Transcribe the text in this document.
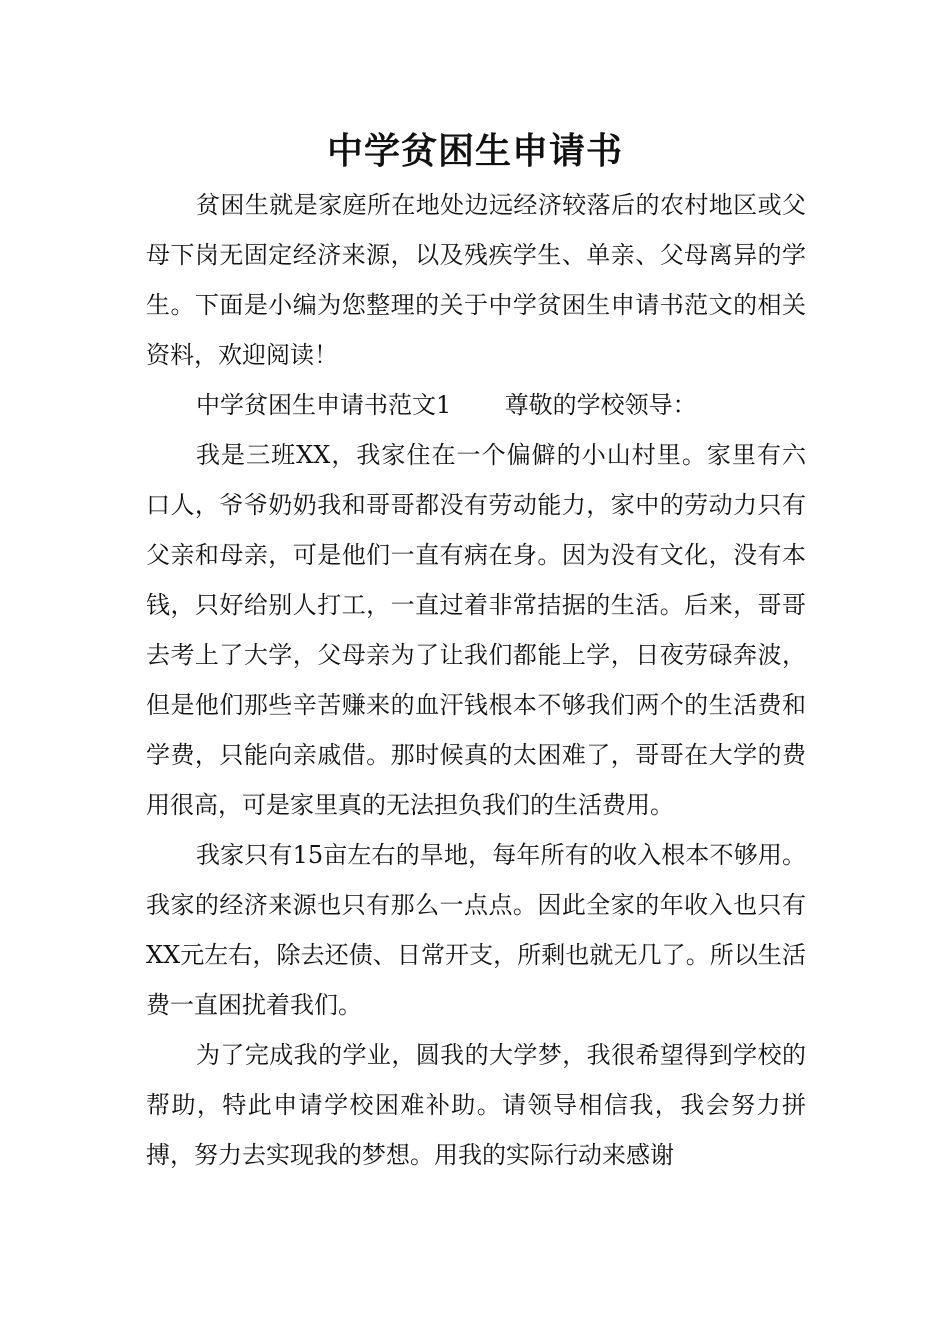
中学贫困生申请书

贫困生就是家庭所在地处边远经济较落后的农村地区或父母下岗无固定经济来源，以及残疾学生、单亲、父母离异的学生。下面是小编为您整理的关于中学贫困生申请书范文的相关资料，欢迎阅读！

中学贫困生申请书范文1 尊敬的学校领导：

我是三班XX，我家住在一个偏僻的小山村里。家里有六口人，爷爷奶奶我和哥哥都没有劳动能力，家中的劳动力只有父亲和母亲，可是他们一直有病在身。因为没有文化，没有本钱，只好给别人打工，一直过着非常拮据的生活。后来，哥哥去考上了大学，父母亲为了让我们都能上学，日夜劳碌奔波，但是他们那些辛苦赚来的血汗钱根本不够我们两个的生活费和学费，只能向亲戚借。那时候真的太困难了，哥哥在大学的费用很高，可是家里真的无法担负我们的生活费用。

我家只有15亩左右的旱地，每年所有的收入根本不够用。我家的经济来源也只有那么一点点。因此全家的年收入也只有XX元左右，除去还债、日常开支，所剩也就无几了。所以生活费一直困扰着我们。

为了完成我的学业，圆我的大学梦，我很希望得到学校的帮助，特此申请学校困难补助。请领导相信我，我会努力拼搏，努力去实现我的梦想。用我的实际行动来感谢
